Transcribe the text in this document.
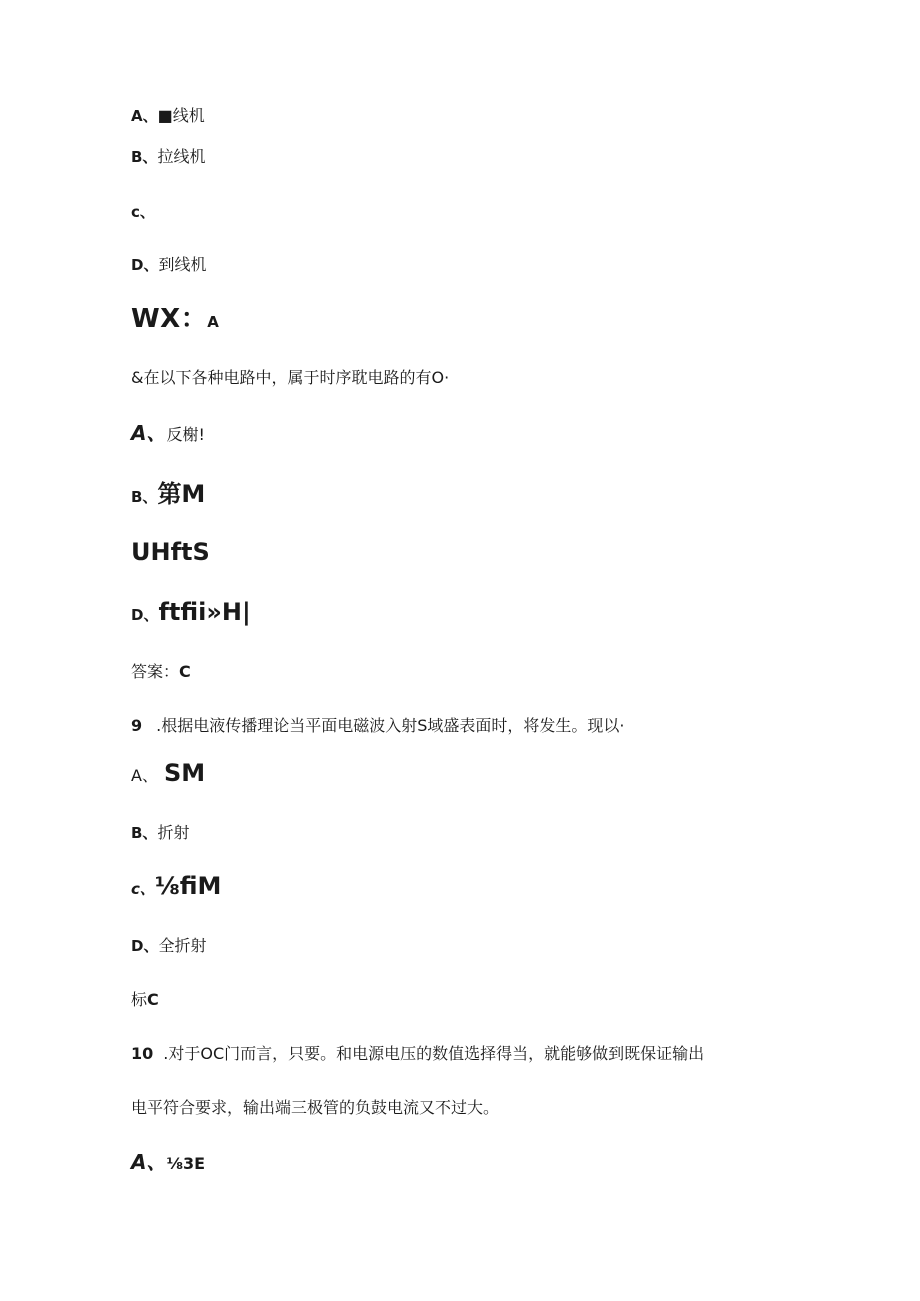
A、■线机
B、拉线机
c、
D、到线机
WX：A
&在以下各种电路中，属于时序耽电路的有O·
A、反榭!
B、第M
UHftS
D、ftfii»H|
答案：C
9 .根据电液传播理论当平面电磁波入射S域盛表面时，将发生。现以·
A、 SM
B、折射
c、⅛fiM
D、全折射
标C
10 .对于OC门而言，只要。和电源电压的数值选择得当，就能够做到既保证输出
电平符合要求，输出端三极管的负鼓电流又不过大。
A、⅛3E
